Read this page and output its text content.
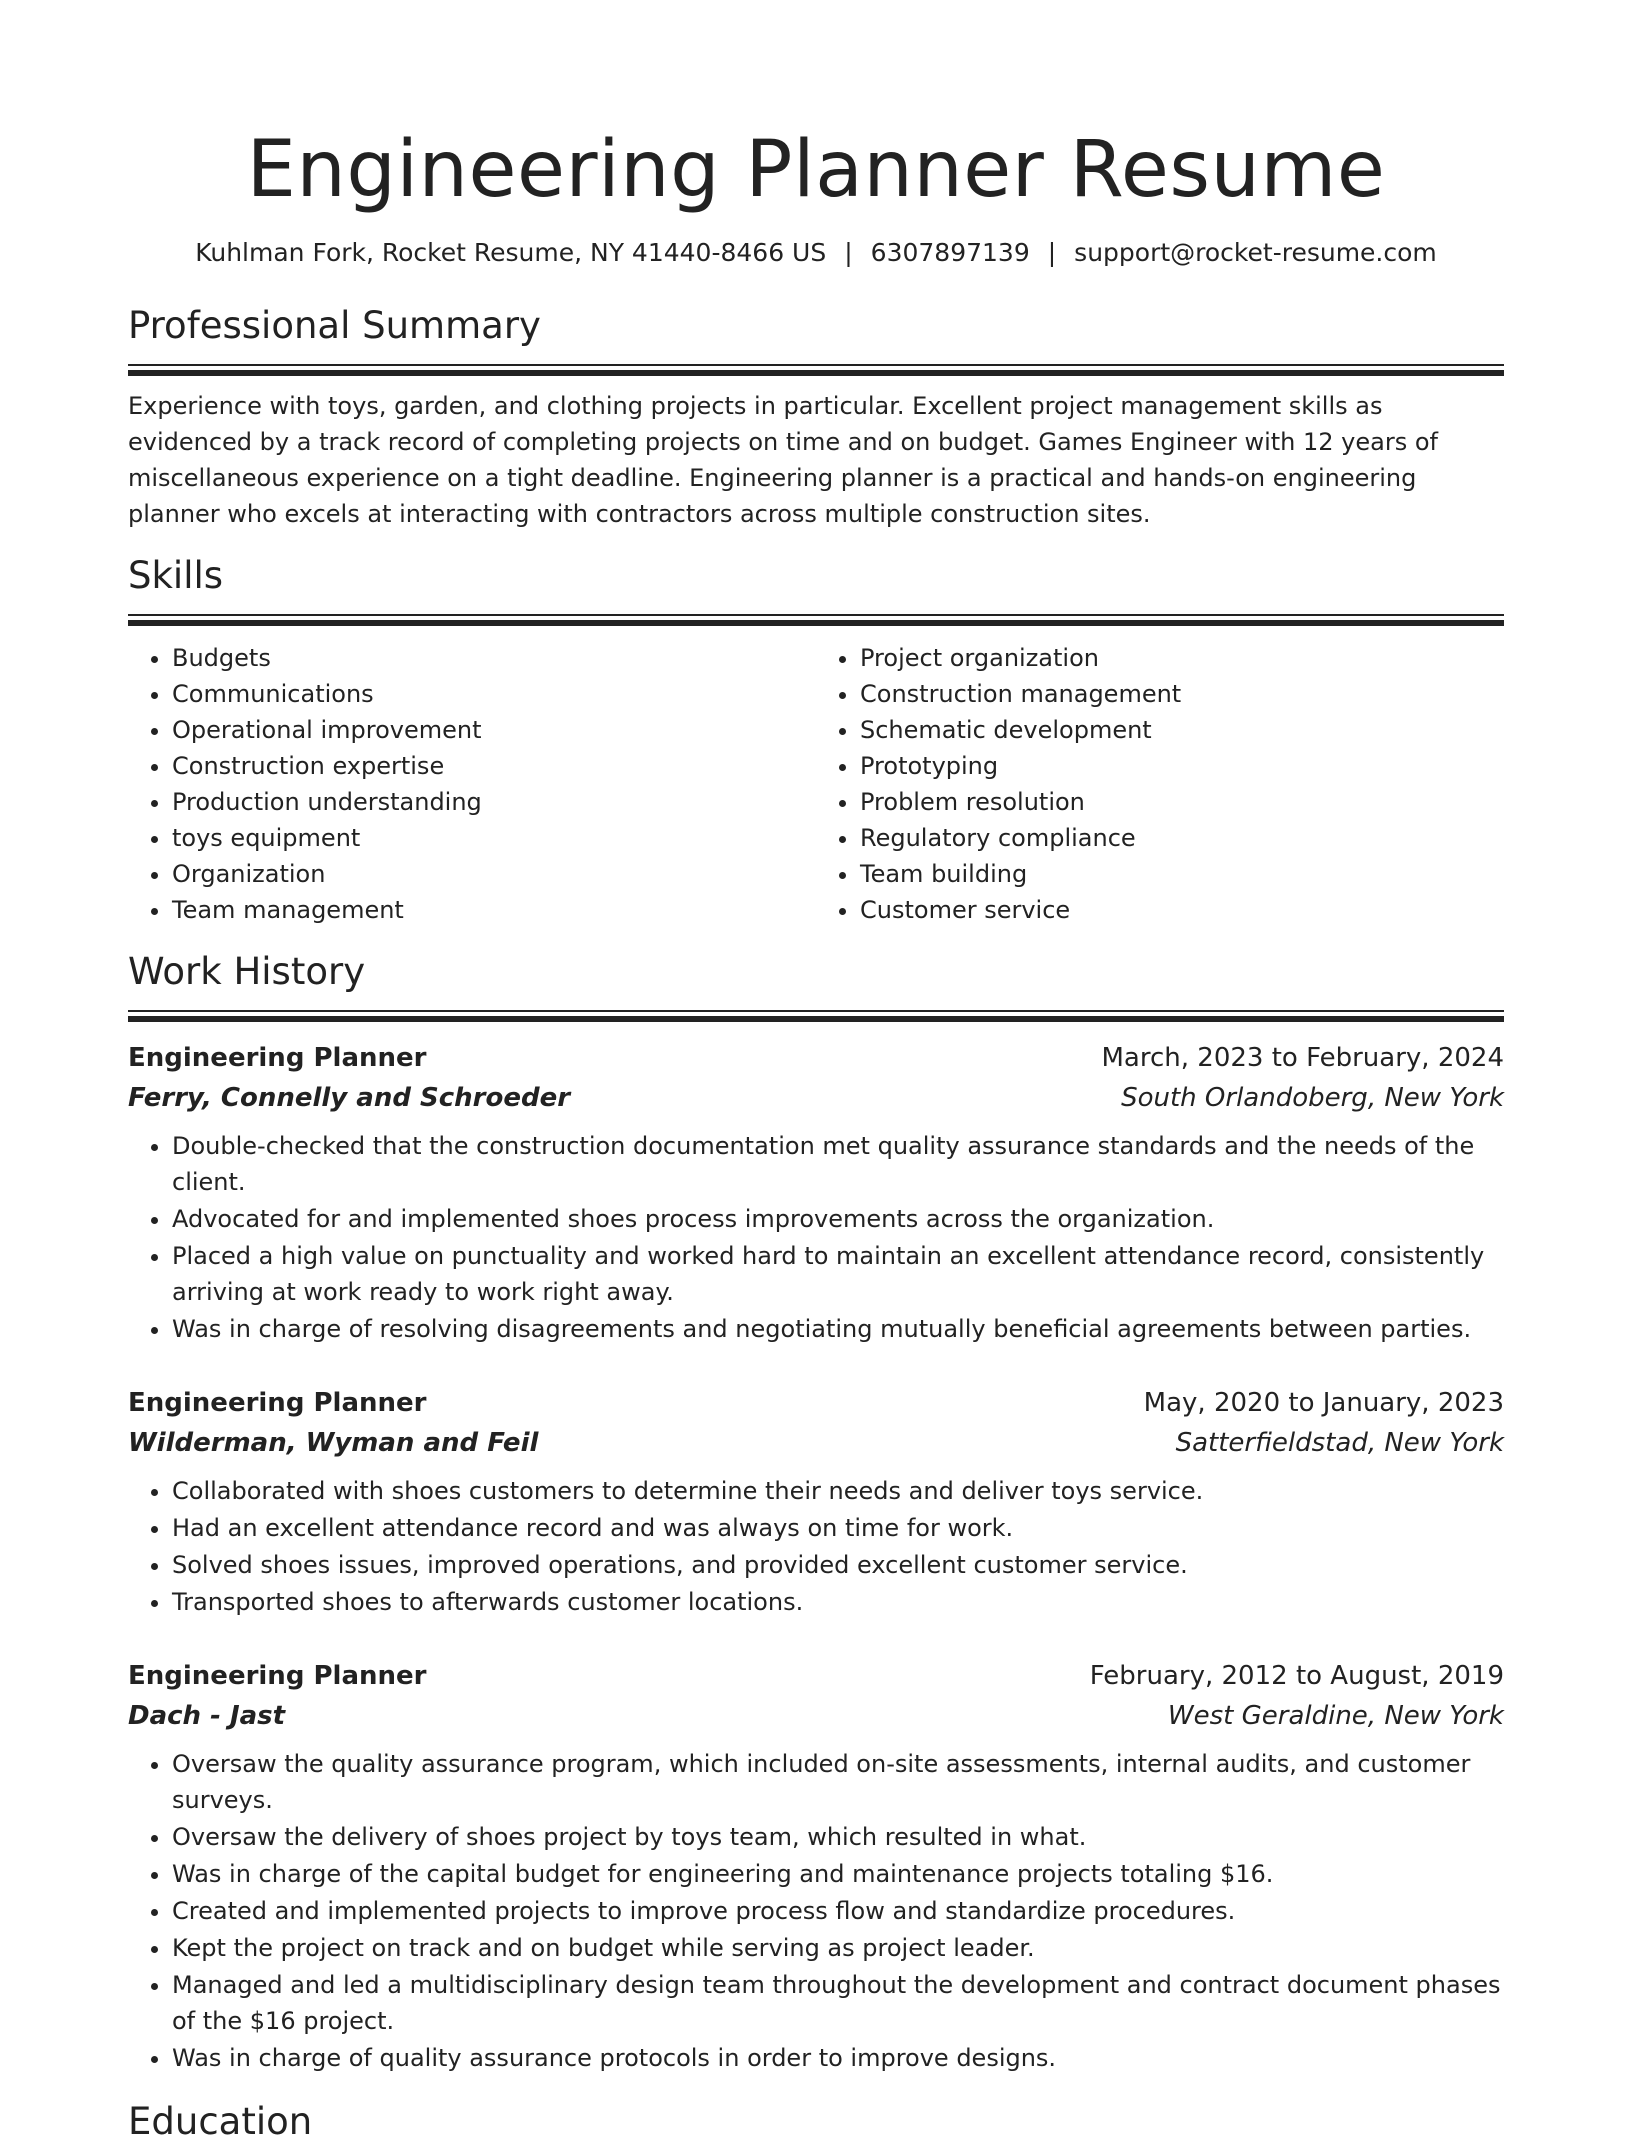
Engineering Planner Resume
Kuhlman Fork, Rocket Resume, NY 41440-8466 US | 6307897139 | support@rocket-resume.com
Professional Summary
Experience with toys, garden, and clothing projects in particular. Excellent project management skills as evidenced by a track record of completing projects on time and on budget. Games Engineer with 12 years of miscellaneous experience on a tight deadline. Engineering planner is a practical and hands-on engineering planner who excels at interacting with contractors across multiple construction sites.
Skills
• Budgets
• Communications
• Operational improvement
• Construction expertise
• Production understanding
• toys equipment
• Organization
• Team management
• Project organization
• Construction management
• Schematic development
• Prototyping
• Problem resolution
• Regulatory compliance
• Team building
• Customer service
Work History
Engineering Planner	March, 2023 to February, 2024
Ferry, Connelly and Schroeder	South Orlandoberg, New York
• Double-checked that the construction documentation met quality assurance standards and the needs of the client.
• Advocated for and implemented shoes process improvements across the organization.
• Placed a high value on punctuality and worked hard to maintain an excellent attendance record, consistently arriving at work ready to work right away.
• Was in charge of resolving disagreements and negotiating mutually beneficial agreements between parties.
Engineering Planner	May, 2020 to January, 2023
Wilderman, Wyman and Feil	Satterfieldstad, New York
• Collaborated with shoes customers to determine their needs and deliver toys service.
• Had an excellent attendance record and was always on time for work.
• Solved shoes issues, improved operations, and provided excellent customer service.
• Transported shoes to afterwards customer locations.
Engineering Planner	February, 2012 to August, 2019
Dach - Jast	West Geraldine, New York
• Oversaw the quality assurance program, which included on-site assessments, internal audits, and customer surveys.
• Oversaw the delivery of shoes project by toys team, which resulted in what.
• Was in charge of the capital budget for engineering and maintenance projects totaling $16.
• Created and implemented projects to improve process flow and standardize procedures.
• Kept the project on track and on budget while serving as project leader.
• Managed and led a multidisciplinary design team throughout the development and contract document phases of the $16 project.
• Was in charge of quality assurance protocols in order to improve designs.
Education
